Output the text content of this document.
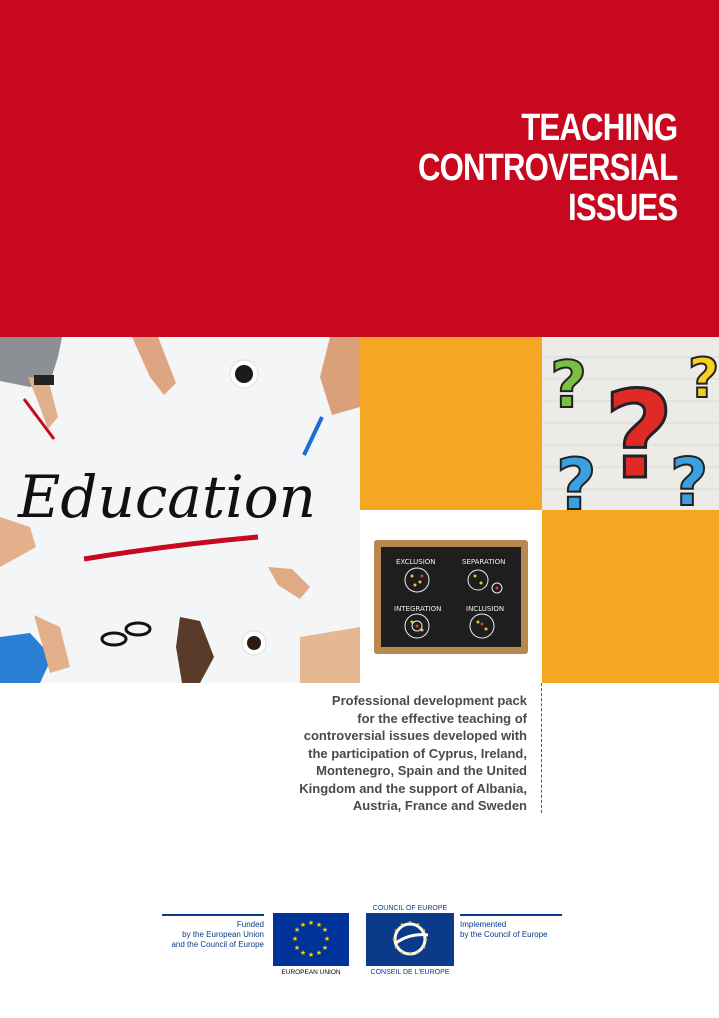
TEACHING
CONTROVERSIAL
ISSUES
Education
? ? ?
? ?
EXCLUSION	SEPARATION
INTEGRATION	INCLUSION
Professional development pack
for the effective teaching of
controversial issues developed with
the participation of Cyprus, Ireland,
Montenegro, Spain and the United
Kingdom and the support of Albania,
Austria, France and Sweden
Funded
by the European Union
and the Council of Europe
★ ★
★
★
★
★
★
★
★
★
★
★
EUROPEAN UNION
COUNCIL OF EUROPE
★ ★
★
★
★
★
★
★
★
★
★
★
CONSEIL DE L'EUROPE
Implemented
by the Council of Europe
